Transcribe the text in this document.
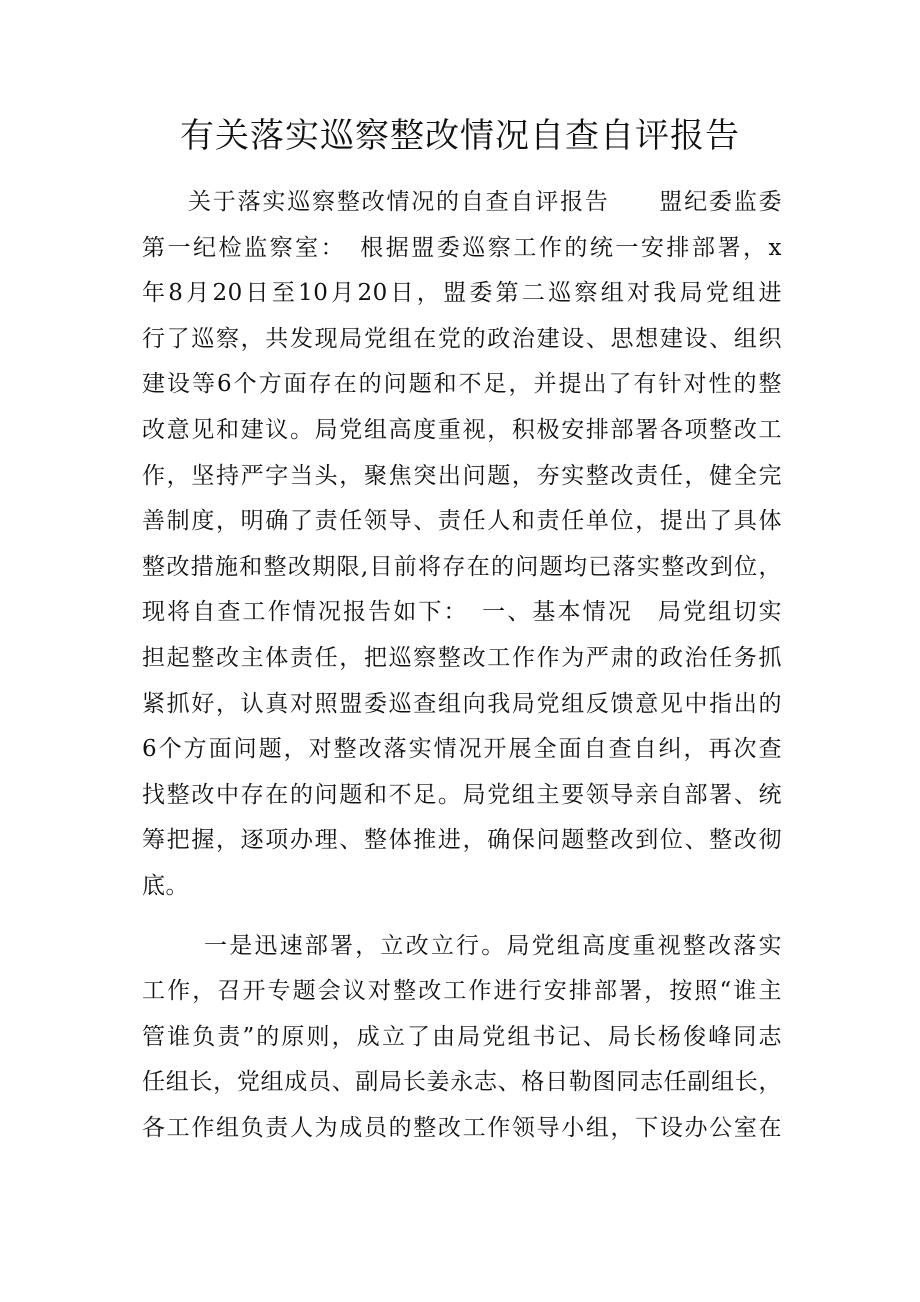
有关落实巡察整改情况自查自评报告
关于落实巡察整改情况的自查自评报告　　盟纪委监委
第一纪检监察室：　根据盟委巡察工作的统一安排部署，x
年8月20日至10月20日，盟委第二巡察组对我局党组进
行了巡察，共发现局党组在党的政治建设、思想建设、组织
建设等6个方面存在的问题和不足，并提出了有针对性的整
改意见和建议。局党组高度重视，积极安排部署各项整改工
作，坚持严字当头，聚焦突出问题，夯实整改责任，健全完
善制度，明确了责任领导、责任人和责任单位，提出了具体
整改措施和整改期限,目前将存在的问题均已落实整改到位，
现将自查工作情况报告如下：　一、基本情况　局党组切实
担起整改主体责任，把巡察整改工作作为严肃的政治任务抓
紧抓好，认真对照盟委巡查组向我局党组反馈意见中指出的
6个方面问题，对整改落实情况开展全面自查自纠，再次查
找整改中存在的问题和不足。局党组主要领导亲自部署、统
筹把握，逐项办理、整体推进，确保问题整改到位、整改彻
底。
一是迅速部署，立改立行。局党组高度重视整改落实
工作，召开专题会议对整改工作进行安排部署，按照“谁主
管谁负责”的原则，成立了由局党组书记、局长杨俊峰同志
任组长，党组成员、副局长姜永志、格日勒图同志任副组长，
各工作组负责人为成员的整改工作领导小组，下设办公室在
